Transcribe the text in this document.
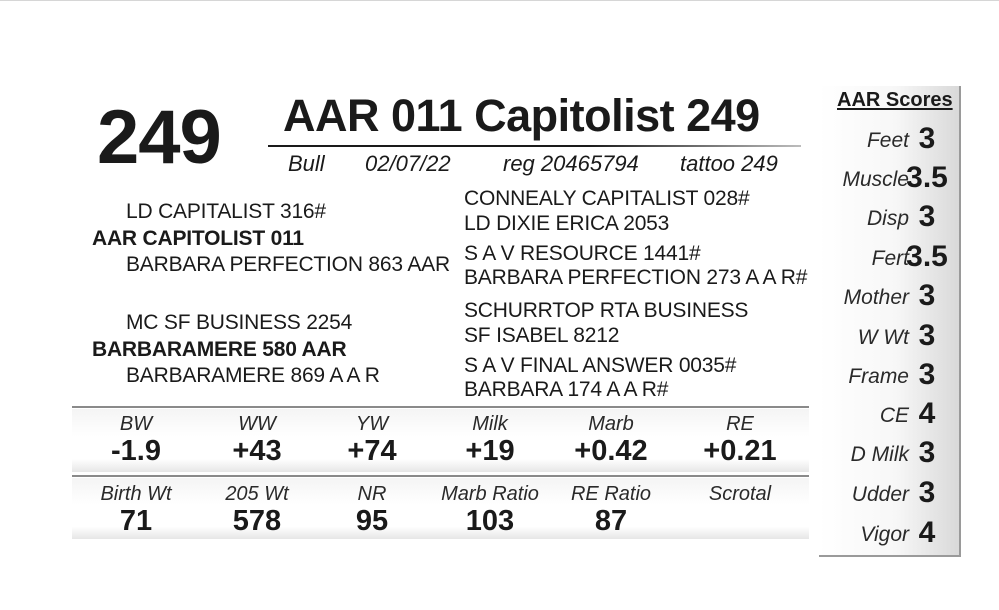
249 AAR 011 Capitolist 249
Bull 02/07/22 reg 20465794 tattoo 249
LD CAPITALIST 316#
AAR CAPITOLIST 011
BARBARA PERFECTION 863 AAR
MC SF BUSINESS 2254
BARBARAMERE 580 AAR
BARBARAMERE 869 A A R
CONNEALY CAPITALIST 028#
LD DIXIE ERICA 2053
S A V RESOURCE 1441#
BARBARA PERFECTION 273 A A R#
SCHURRTOP RTA BUSINESS
SF ISABEL 8212
S A V FINAL ANSWER 0035#
BARBARA 174 A A R#
BW
-1.9
WW
+43
YW
+74
Milk
+19
Marb
+0.42
RE
+0.21
Birth Wt
71
205 Wt
578
NR
95
Marb Ratio
103
RE Ratio
87
Scrotal
AAR Scores
Feet 3
Muscle
3.5
Disp 3
Fert
3.5
Mother 3
W Wt 3
Frame 3
CE 4
D Milk 3
Udder 3
Vigor 4
